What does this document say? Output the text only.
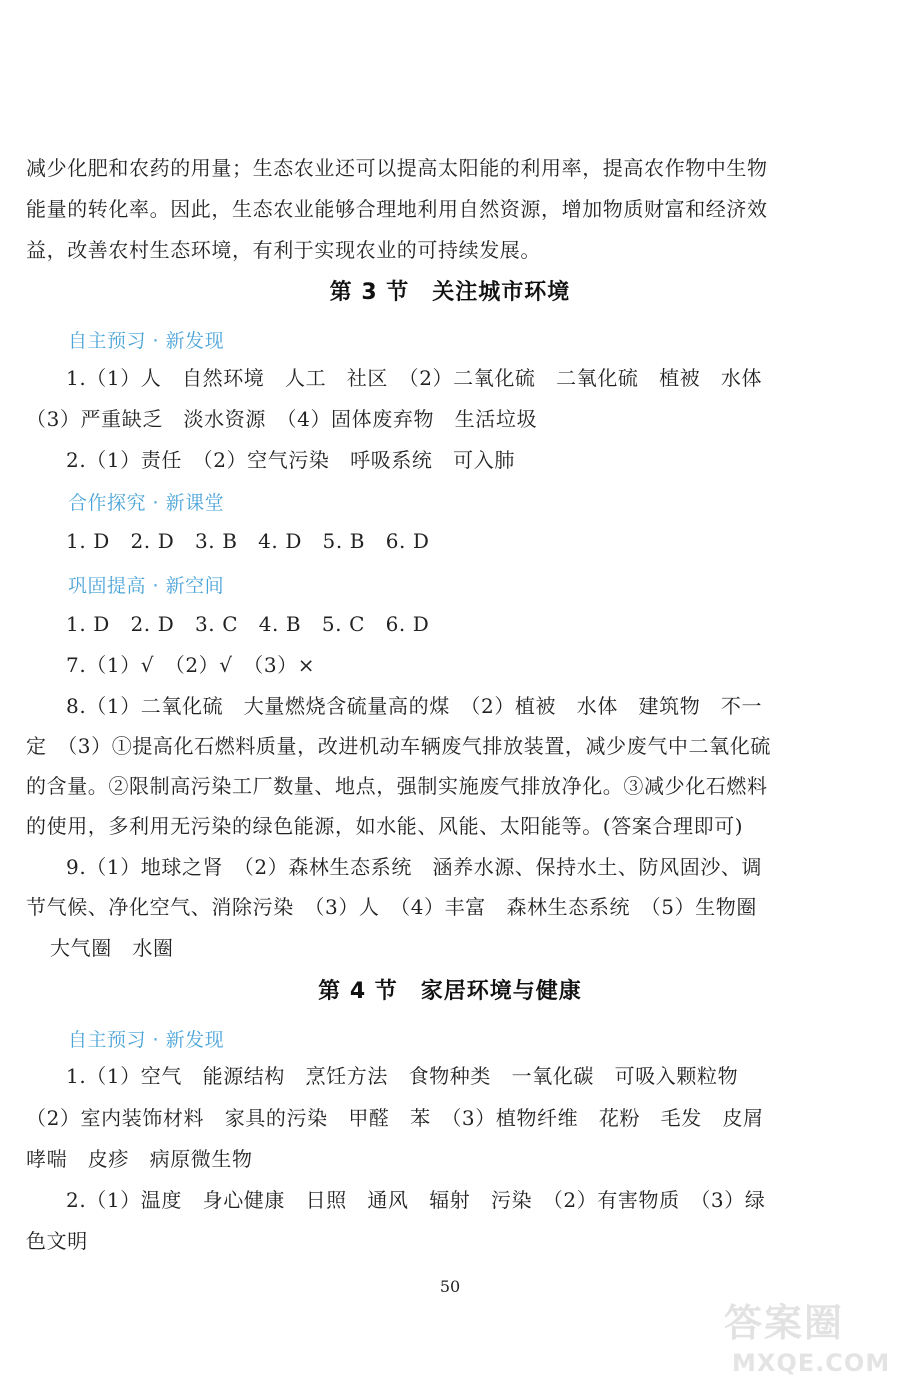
减少化肥和农药的用量；生态农业还可以提高太阳能的利用率，提高农作物中生物
能量的转化率。因此，生态农业能够合理地利用自然资源，增加物质财富和经济效
益，改善农村生态环境，有利于实现农业的可持续发展。
第 3 节　关注城市环境
自主预习 · 新发现
1.（1）人　自然环境　人工　社区　（2）二氧化硫　二氧化硫　植被　水体
（3）严重缺乏　淡水资源　（4）固体废弃物　生活垃圾
2.（1）责任　（2）空气污染　呼吸系统　可入肺
合作探究 · 新课堂
1. D　2. D　3. B　4. D　5. B　6. D
巩固提高 · 新空间
1. D　2. D　3. C　4. B　5. C　6. D
7.（1）√　（2）√　（3）×
8.（1）二氧化硫　大量燃烧含硫量高的煤　（2）植被　水体　建筑物　不一
定　（3）①提高化石燃料质量，改进机动车辆废气排放装置，减少废气中二氧化硫
的含量。②限制高污染工厂数量、地点，强制实施废气排放净化。③减少化石燃料
的使用，多利用无污染的绿色能源，如水能、风能、太阳能等。(答案合理即可)
9.（1）地球之肾　（2）森林生态系统　涵养水源、保持水土、防风固沙、调
节气候、净化空气、消除污染　（3）人　（4）丰富　森林生态系统　（5）生物圈
大气圈　水圈
第 4 节　家居环境与健康
自主预习 · 新发现
1.（1）空气　能源结构　烹饪方法　食物种类　一氧化碳　可吸入颗粒物
（2）室内装饰材料　家具的污染　甲醛　苯　（3）植物纤维　花粉　毛发　皮屑
哮喘　皮疹　病原微生物
2.（1）温度　身心健康　日照　通风　辐射　污染　（2）有害物质　（3）绿
色文明
50
答案圈
MXQE.COM
